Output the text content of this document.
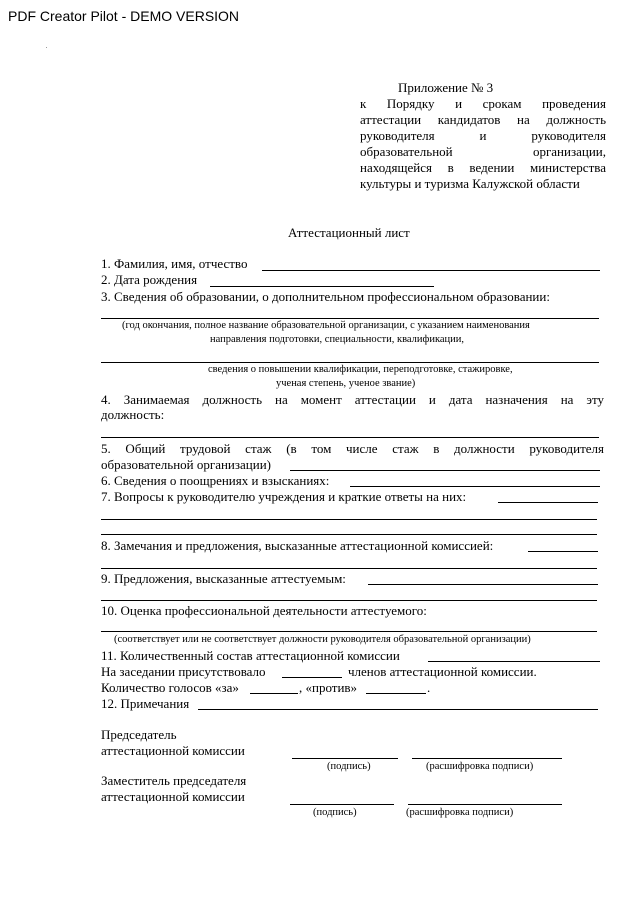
PDF Creator Pilot - DEMO VERSION
Приложение № 3
к Порядку и срокам проведения
аттестации кандидатов на должность
руководителя и руководителя
образовательной организации,
находящейся в ведении министерства
культуры и туризма Калужской области
Аттестационный лист
1. Фамилия, имя, отчество
2. Дата рождения
3. Сведения об образовании, о дополнительном профессиональном образовании:
(год окончания, полное название образовательной организации, с указанием наименования
направления подготовки, специальности, квалификации,
сведения о повышении квалификации, переподготовке, стажировке,
ученая степень, ученое звание)
4. Занимаемая должность на момент аттестации и дата назначения на эту
должность:
5. Общий трудовой стаж (в том числе стаж в должности руководителя
образовательной организации)
6. Сведения о поощрениях и взысканиях:
7. Вопросы к руководителю учреждения и краткие ответы на них:
8. Замечания и предложения, высказанные аттестационной комиссией:
9. Предложения, высказанные аттестуемым:
10. Оценка профессиональной деятельности аттестуемого:
(соответствует или не соответствует должности руководителя образовательной организации)
11. Количественный состав аттестационной комиссии
На заседании присутствовало	членов аттестационной комиссии.
Количество голосов «за»	, «против»	.
12. Примечания
Председатель
аттестационной комиссии
(подпись)	(расшифровка подписи)
Заместитель председателя
аттестационной комиссии
(подпись)	(расшифровка подписи)
